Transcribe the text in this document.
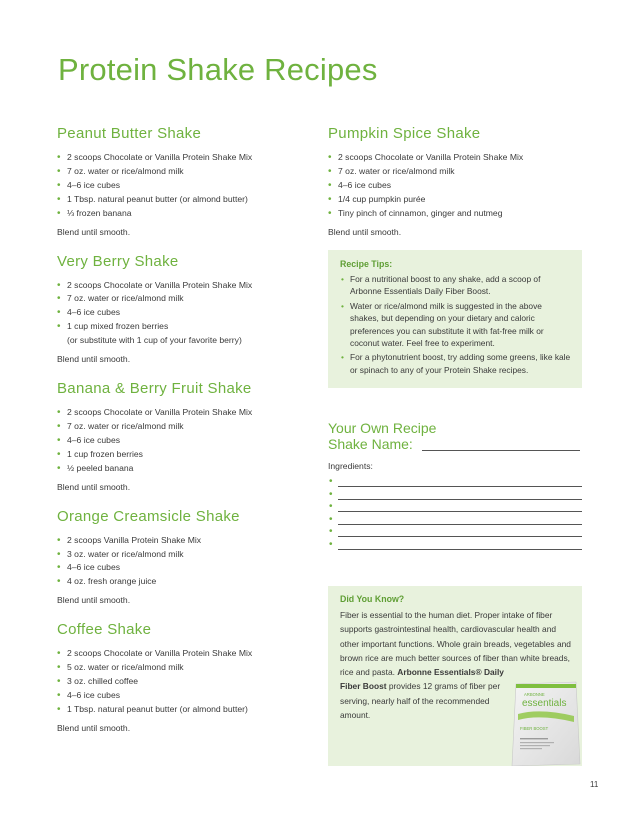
Protein Shake Recipes
Peanut Butter Shake
• 2 scoops Chocolate or Vanilla Protein Shake Mix
• 7 oz. water or rice/almond milk
• 4–6 ice cubes
• 1 Tbsp. natural peanut butter (or almond butter)
• ⅓ frozen banana
Blend until smooth.
Very Berry Shake
• 2 scoops Chocolate or Vanilla Protein Shake Mix
• 7 oz. water or rice/almond milk
• 4–6 ice cubes
• 1 cup mixed frozen berries
(or substitute with 1 cup of your favorite berry)
Blend until smooth.
Banana & Berry Fruit Shake
• 2 scoops Chocolate or Vanilla Protein Shake Mix
• 7 oz. water or rice/almond milk
• 4–6 ice cubes
• 1 cup frozen berries
• ½ peeled banana
Blend until smooth.
Orange Creamsicle Shake
• 2 scoops Vanilla Protein Shake Mix
• 3 oz. water or rice/almond milk
• 4–6 ice cubes
• 4 oz. fresh orange juice
Blend until smooth.
Coffee Shake
• 2 scoops Chocolate or Vanilla Protein Shake Mix
• 5 oz. water or rice/almond milk
• 3 oz. chilled coffee
• 4–6 ice cubes
• 1 Tbsp. natural peanut butter (or almond butter)
Blend until smooth.
Pumpkin Spice Shake
• 2 scoops Chocolate or Vanilla Protein Shake Mix
• 7 oz. water or rice/almond milk
• 4–6 ice cubes
• 1/4 cup pumpkin purée
• Tiny pinch of cinnamon, ginger and nutmeg
Blend until smooth.
Recipe Tips:
• For a nutritional boost to any shake, add a scoop of Arbonne Essentials Daily Fiber Boost.
• Water or rice/almond milk is suggested in the above shakes, but depending on your dietary and caloric preferences you can substitute it with fat-free milk or coconut water. Feel free to experiment.
• For a phytonutrient boost, try adding some greens, like kale or spinach to any of your Protein Shake recipes.
Your Own Recipe
Shake Name:
Ingredients:
•
•
•
•
•
•
Did You Know?
Fiber is essential to the human diet. Proper intake of fiber supports gastrointestinal health, cardiovascular health and other important functions. Whole grain breads, vegetables and brown rice are much better sources of fiber than white breads,
rice and pasta. Arbonne Essentials® Daily Fiber Boost provides 12 grams of fiber per serving, nearly half of the recommended amount.
ARBONNE
essentials
FIBER BOOST
11
